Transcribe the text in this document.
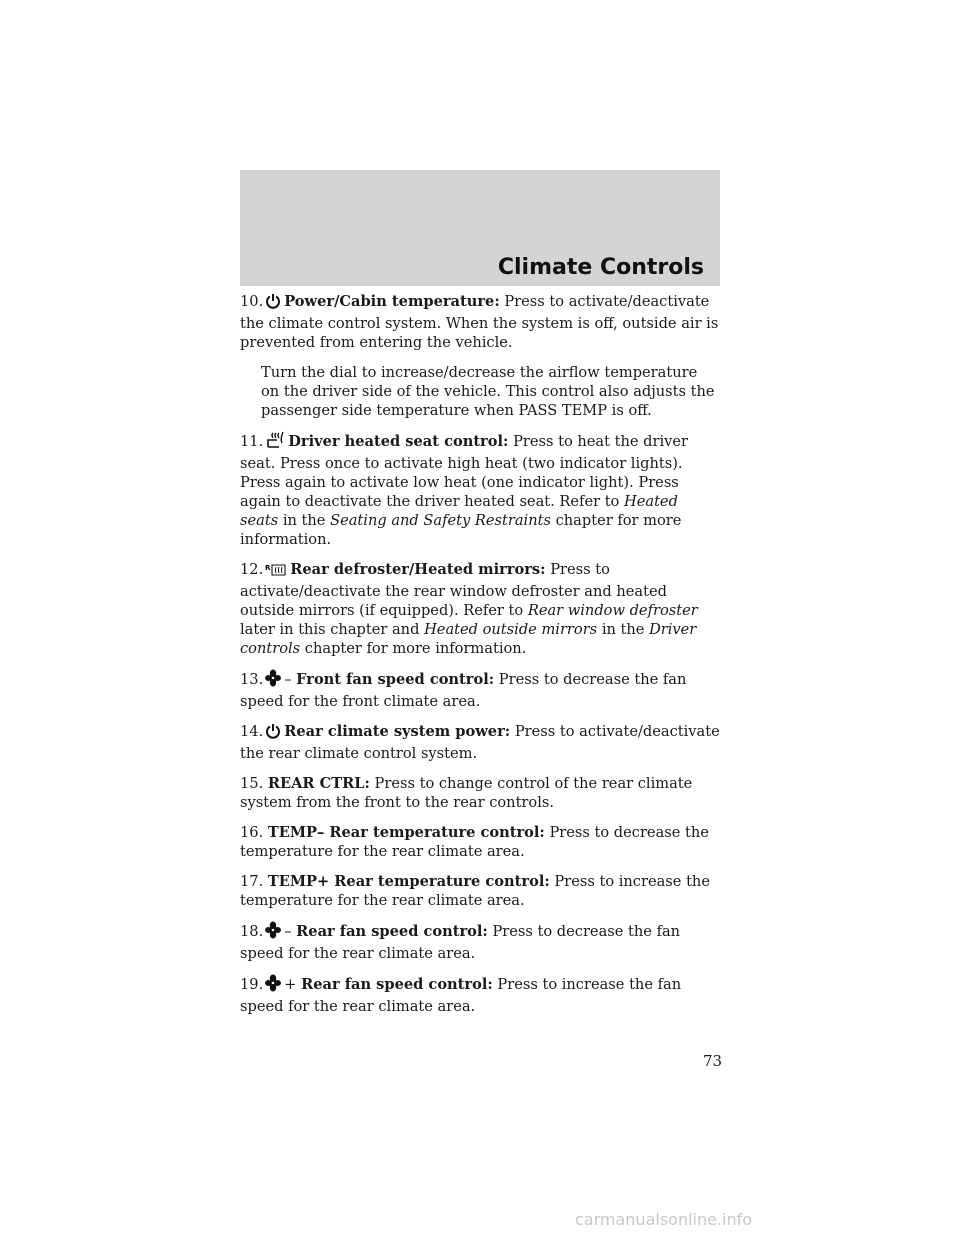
Climate Controls

10. Power/Cabin temperature: Press to activate/deactivate the climate control system. When the system is off, outside air is prevented from entering the vehicle.

Turn the dial to increase/decrease the airflow temperature on the driver side of the vehicle. This control also adjusts the passenger side temperature when PASS TEMP is off.

11. Driver heated seat control: Press to heat the driver seat. Press once to activate high heat (two indicator lights). Press again to activate low heat (one indicator light). Press again to deactivate the driver heated seat. Refer to Heated seats in the Seating and Safety Restraints chapter for more information.

12. R Rear defroster/Heated mirrors: Press to activate/deactivate the rear window defroster and heated outside mirrors (if equipped). Refer to Rear window defroster later in this chapter and Heated outside mirrors in the Driver controls chapter for more information.

13. – Front fan speed control: Press to decrease the fan speed for the front climate area.

14. Rear climate system power: Press to activate/deactivate the rear climate control system.

15. REAR CTRL: Press to change control of the rear climate system from the front to the rear controls.

16. TEMP– Rear temperature control: Press to decrease the temperature for the rear climate area.

17. TEMP+ Rear temperature control: Press to increase the temperature for the rear climate area.

18. – Rear fan speed control: Press to decrease the fan speed for the rear climate area.

19. + Rear fan speed control: Press to increase the fan speed for the rear climate area.

73
carmanualsonline.info
